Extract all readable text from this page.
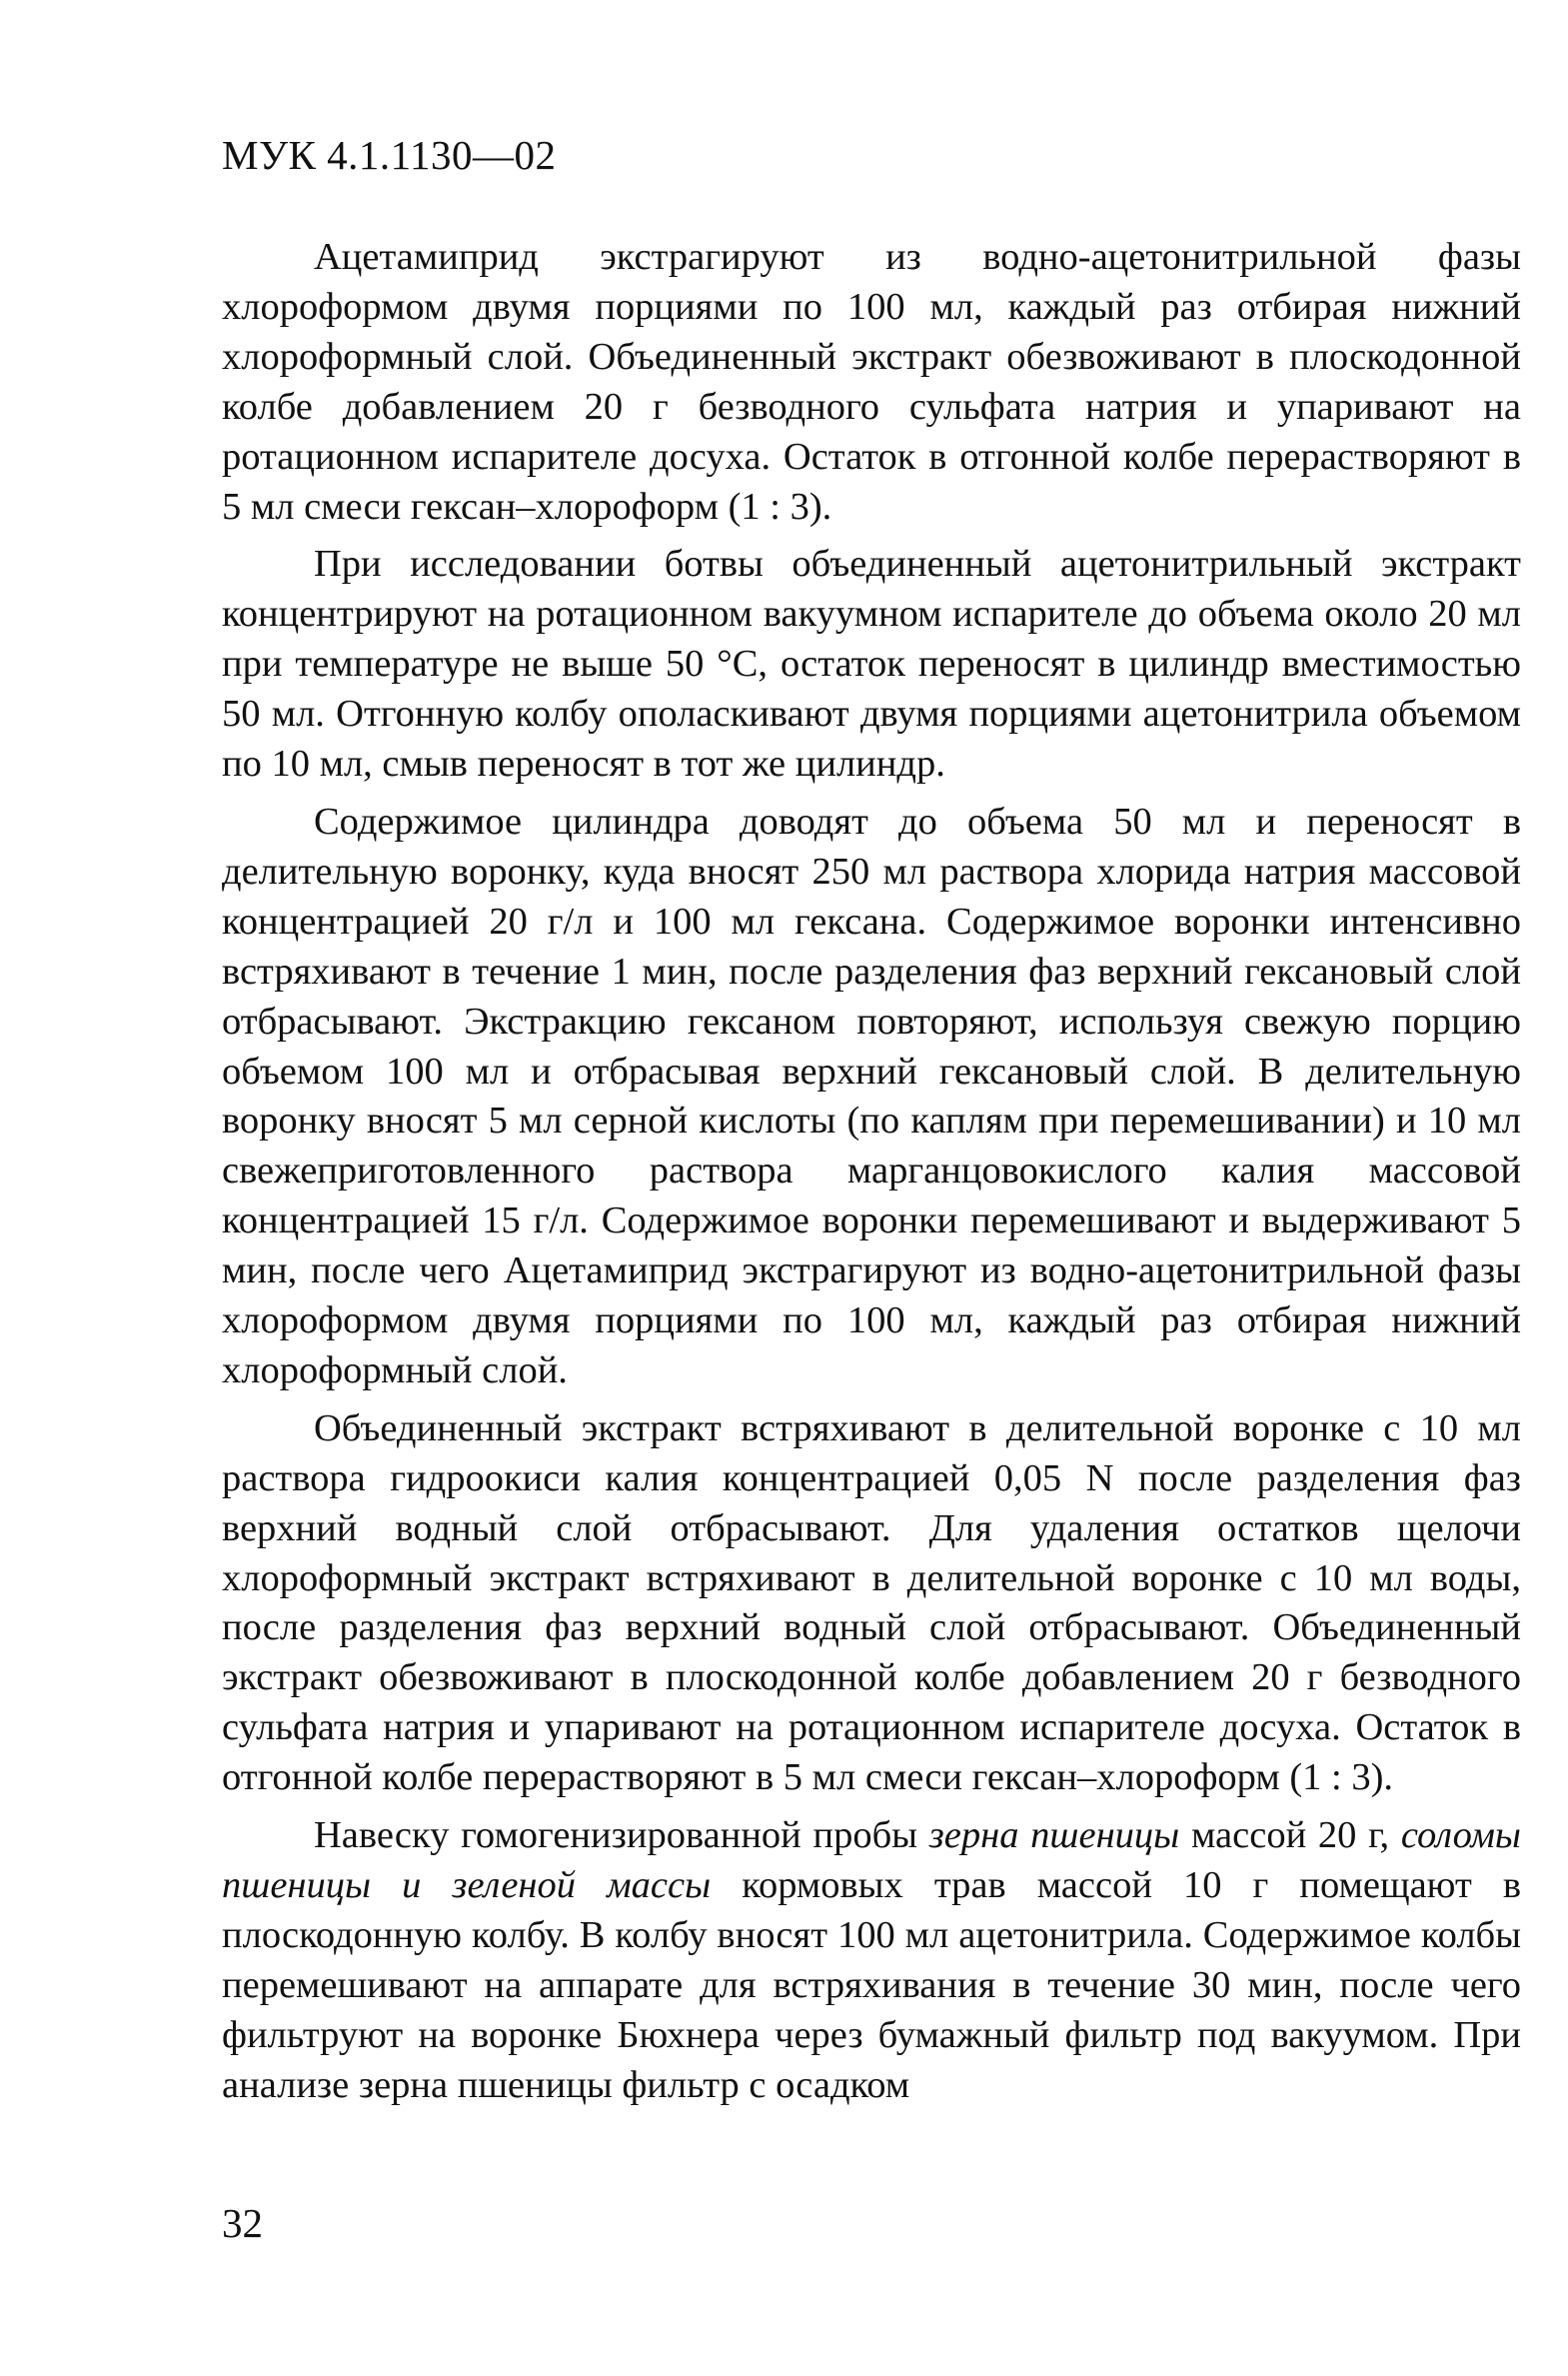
МУК 4.1.1130—02

Ацетамиприд экстрагируют из водно-ацетонитрильной фазы хлороформом двумя порциями по 100 мл, каждый раз отбирая нижний хлороформный слой. Объединенный экстракт обезвоживают в плоскодонной колбе добавлением 20 г безводного сульфата натрия и упаривают на ротационном испарителе досуха. Остаток в отгонной колбе перерастворяют в 5 мл смеси гексан–хлороформ (1 : 3).

При исследовании ботвы объединенный ацетонитрильный экстракт концентрируют на ротационном вакуумном испарителе до объема около 20 мл при температуре не выше 50 °С, остаток переносят в цилиндр вместимостью 50 мл. Отгонную колбу ополаскивают двумя порциями ацетонитрила объемом по 10 мл, смыв переносят в тот же цилиндр.

Содержимое цилиндра доводят до объема 50 мл и переносят в делительную воронку, куда вносят 250 мл раствора хлорида натрия массовой концентрацией 20 г/л и 100 мл гексана. Содержимое воронки интенсивно встряхивают в течение 1 мин, после разделения фаз верхний гексановый слой отбрасывают. Экстракцию гексаном повторяют, используя свежую порцию объемом 100 мл и отбрасывая верхний гексановый слой. В делительную воронку вносят 5 мл серной кислоты (по каплям при перемешивании) и 10 мл свежеприготовленного раствора марганцовокислого калия массовой концентрацией 15 г/л. Содержимое воронки перемешивают и выдерживают 5 мин, после чего Ацетамиприд экстрагируют из водно-ацетонитрильной фазы хлороформом двумя порциями по 100 мл, каждый раз отбирая нижний хлороформный слой.

Объединенный экстракт встряхивают в делительной воронке с 10 мл раствора гидроокиси калия концентрацией 0,05 N после разделения фаз верхний водный слой отбрасывают. Для удаления остатков щелочи хлороформный экстракт встряхивают в делительной воронке с 10 мл воды, после разделения фаз верхний водный слой отбрасывают. Объединенный экстракт обезвоживают в плоскодонной колбе добавлением 20 г безводного сульфата натрия и упаривают на ротационном испарителе досуха. Остаток в отгонной колбе перерастворяют в 5 мл смеси гексан–хлороформ (1 : 3).

Навеску гомогенизированной пробы зерна пшеницы массой 20 г, соломы пшеницы и зеленой массы кормовых трав массой 10 г помещают в плоскодонную колбу. В колбу вносят 100 мл ацетонитрила. Содержимое колбы перемешивают на аппарате для встряхивания в течение 30 мин, после чего фильтруют на воронке Бюхнера через бумажный фильтр под вакуумом. При анализе зерна пшеницы фильтр с осадком

32
